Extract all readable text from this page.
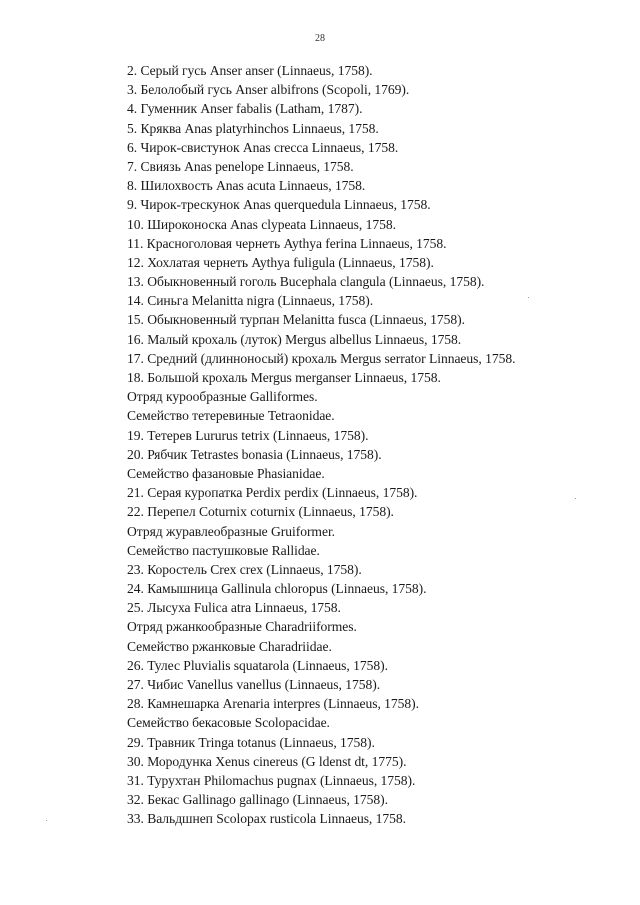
28
2. Серый гусь Anser anser (Linnaeus, 1758).
3. Белолобый гусь Anser albifrons (Scopoli, 1769).
4. Гуменник Anser fabalis (Latham, 1787).
5. Кряква Anas platyrhinchos Linnaeus, 1758.
6. Чирок-свистунок Anas crecca Linnaeus, 1758.
7. Свиязь Anas penelope Linnaeus, 1758.
8. Шилохвость Anas acuta Linnaeus, 1758.
9. Чирок-трескунок Anas querquedula Linnaeus, 1758.
10. Широконоска Anas clypeata Linnaeus, 1758.
11. Красноголовая чернеть Aythya ferina Linnaeus, 1758.
12. Хохлатая чернеть Aythya fuligula (Linnaeus, 1758).
13. Обыкновенный гоголь Bucephala clangula (Linnaeus, 1758).
14. Синьга Melanitta nigra (Linnaeus, 1758).
15. Обыкновенный турпан Melanitta fusca (Linnaeus, 1758).
16. Малый крохаль (луток) Mergus albellus Linnaeus, 1758.
17. Средний (длинноносый) крохаль Mergus serrator Linnaeus, 1758.
18. Большой крохаль Mergus merganser Linnaeus, 1758.
Отряд курообразные Galliformes.
Семейство тетеревиные Tetraonidae.
19. Тетерев Lururus tetrix (Linnaeus, 1758).
20. Рябчик Tetrastes bonasia (Linnaeus, 1758).
Семейство фазановые Phasianidae.
21. Серая куропатка Perdix perdix (Linnaeus, 1758).
22. Перепел Coturnix coturnix (Linnaeus, 1758).
Отряд журавлеобразные Gruiformer.
Семейство пастушковые Rallidae.
23. Коростель Crex crex (Linnaeus, 1758).
24. Камышница Gallinula chloropus (Linnaeus, 1758).
25. Лысуха Fulica atra Linnaeus, 1758.
Отряд ржанкообразные Charadriiformes.
Семейство ржанковые Charadriidae.
26. Тулес Pluvialis squatarola (Linnaeus, 1758).
27. Чибис Vanellus vanellus (Linnaeus, 1758).
28. Камнешарка Arenaria interpres (Linnaeus, 1758).
Семейство бекасовые Scolopacidae.
29. Травник Tringa totanus (Linnaeus, 1758).
30. Мородунка Xenus cinereus (G ldenst dt, 1775).
31. Турухтан Philomachus pugnax (Linnaeus, 1758).
32. Бекас Gallinago gallinago (Linnaeus, 1758).
33. Вальдшнеп Scolopax rusticola Linnaeus, 1758.
